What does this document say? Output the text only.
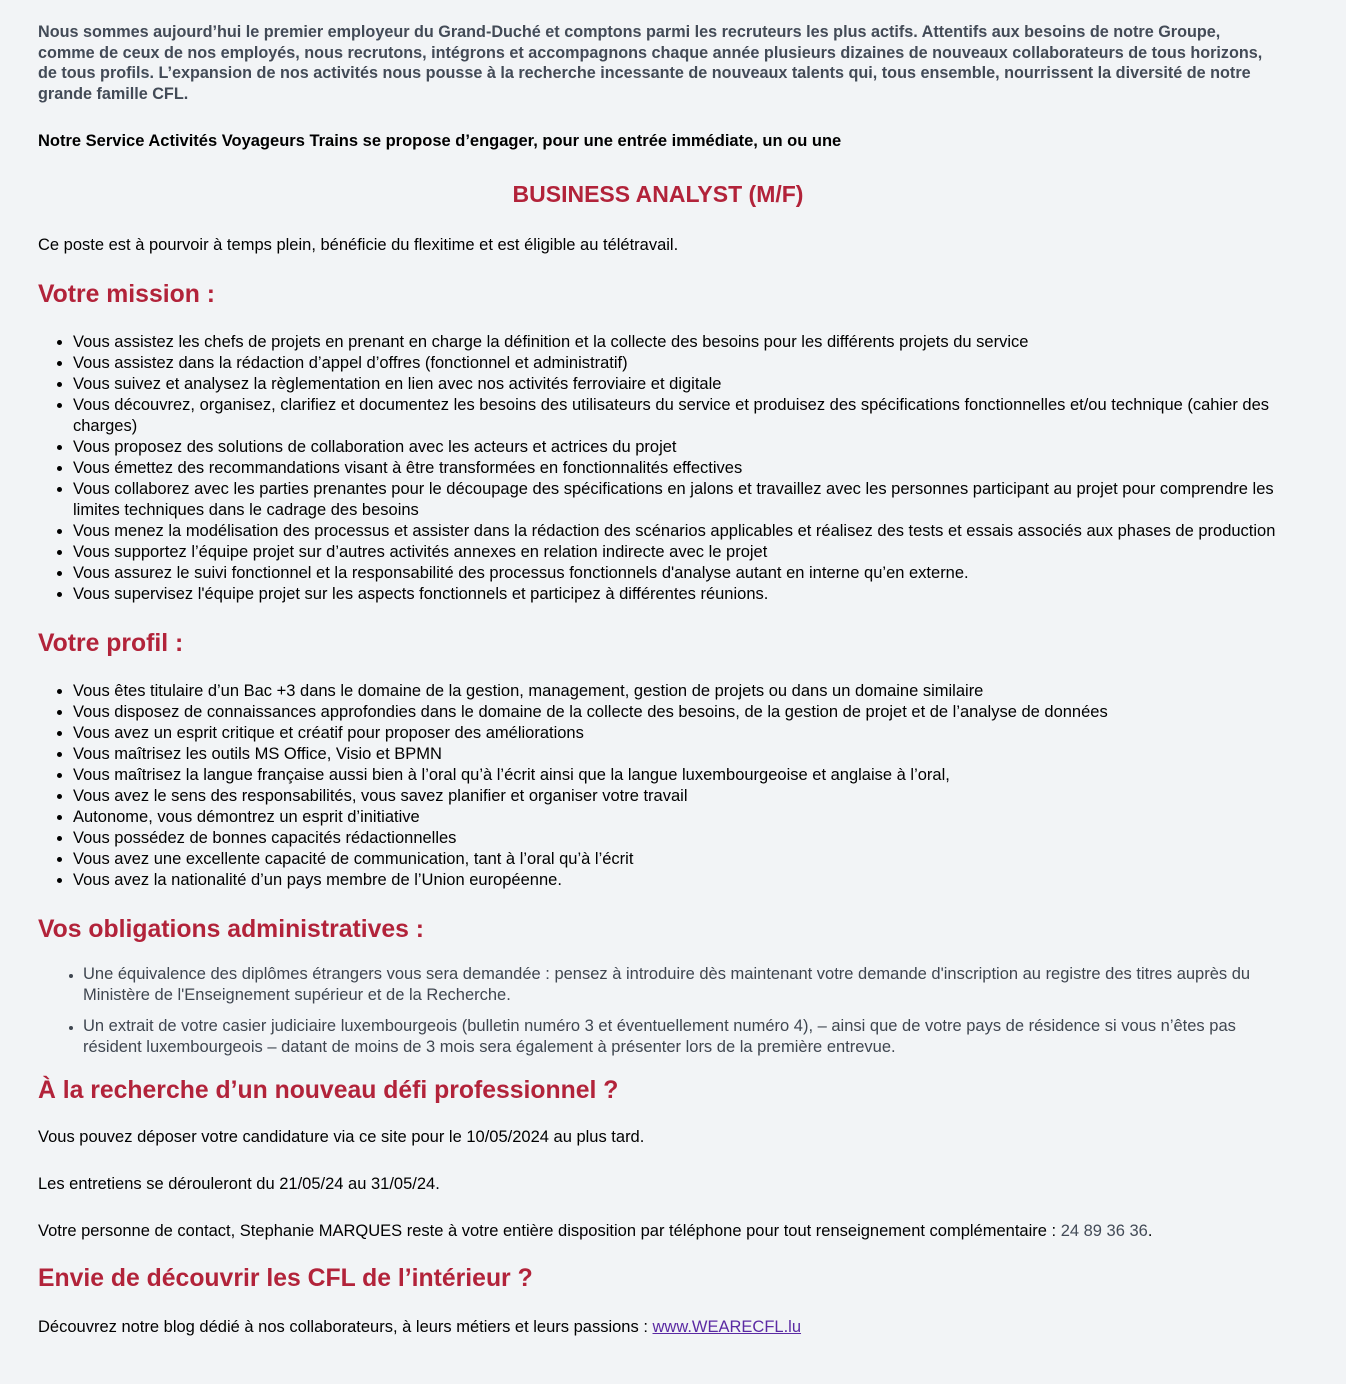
Nous sommes aujourd’hui le premier employeur du Grand-Duché et comptons parmi les recruteurs les plus actifs. Attentifs aux besoins de notre Groupe, comme de ceux de nos employés, nous recrutons, intégrons et accompagnons chaque année plusieurs dizaines de nouveaux collaborateurs de tous horizons, de tous profils. L’expansion de nos activités nous pousse à la recherche incessante de nouveaux talents qui, tous ensemble, nourrissent la diversité de notre grande famille CFL.

Notre Service Activités Voyageurs Trains se propose d’engager, pour une entrée immédiate, un ou une

BUSINESS ANALYST (M/F)

Ce poste est à pourvoir à temps plein, bénéficie du flexitime et est éligible au télétravail.

Votre mission :
• Vous assistez les chefs de projets en prenant en charge la définition et la collecte des besoins pour les différents projets du service
• Vous assistez dans la rédaction d’appel d’offres (fonctionnel et administratif)
• Vous suivez et analysez la règlementation en lien avec nos activités ferroviaire et digitale
• Vous découvrez, organisez, clarifiez et documentez les besoins des utilisateurs du service et produisez des spécifications fonctionnelles et/ou technique (cahier des charges)
• Vous proposez des solutions de collaboration avec les acteurs et actrices du projet
• Vous émettez des recommandations visant à être transformées en fonctionnalités effectives
• Vous collaborez avec les parties prenantes pour le découpage des spécifications en jalons et travaillez avec les personnes participant au projet pour comprendre les limites techniques dans le cadrage des besoins
• Vous menez la modélisation des processus et assister dans la rédaction des scénarios applicables et réalisez des tests et essais associés aux phases de production
• Vous supportez l’équipe projet sur d’autres activités annexes en relation indirecte avec le projet
• Vous assurez le suivi fonctionnel et la responsabilité des processus fonctionnels d'analyse autant en interne qu’en externe.
• Vous supervisez l'équipe projet sur les aspects fonctionnels et participez à différentes réunions.
Votre profil :
• Vous êtes titulaire d’un Bac +3 dans le domaine de la gestion, management, gestion de projets ou dans un domaine similaire
• Vous disposez de connaissances approfondies dans le domaine de la collecte des besoins, de la gestion de projet et de l’analyse de données
• Vous avez un esprit critique et créatif pour proposer des améliorations
• Vous maîtrisez les outils MS Office, Visio et BPMN
• Vous maîtrisez la langue française aussi bien à l’oral qu’à l’écrit ainsi que la langue luxembourgeoise et anglaise à l’oral,
• Vous avez le sens des responsabilités, vous savez planifier et organiser votre travail
• Autonome, vous démontrez un esprit d’initiative
• Vous possédez de bonnes capacités rédactionnelles
• Vous avez une excellente capacité de communication, tant à l’oral qu’à l’écrit
• Vous avez la nationalité d’un pays membre de l’Union européenne.
Vos obligations administratives :
• Une équivalence des diplômes étrangers vous sera demandée : pensez à introduire dès maintenant votre demande d'inscription au registre des titres auprès du Ministère de l'Enseignement supérieur et de la Recherche.
• Un extrait de votre casier judiciaire luxembourgeois (bulletin numéro 3 et éventuellement numéro 4), – ainsi que de votre pays de résidence si vous n’êtes pas résident luxembourgeois – datant de moins de 3 mois sera également à présenter lors de la première entrevue.
À la recherche d’un nouveau défi professionnel ?

Vous pouvez déposer votre candidature via ce site pour le 10/05/2024 au plus tard.

Les entretiens se dérouleront du 21/05/24 au 31/05/24.

Votre personne de contact, Stephanie MARQUES reste à votre entière disposition par téléphone pour tout renseignement complémentaire : 24 89 36 36.

Envie de découvrir les CFL de l’intérieur ?

Découvrez notre blog dédié à nos collaborateurs, à leurs métiers et leurs passions : www.WEARECFL.lu
